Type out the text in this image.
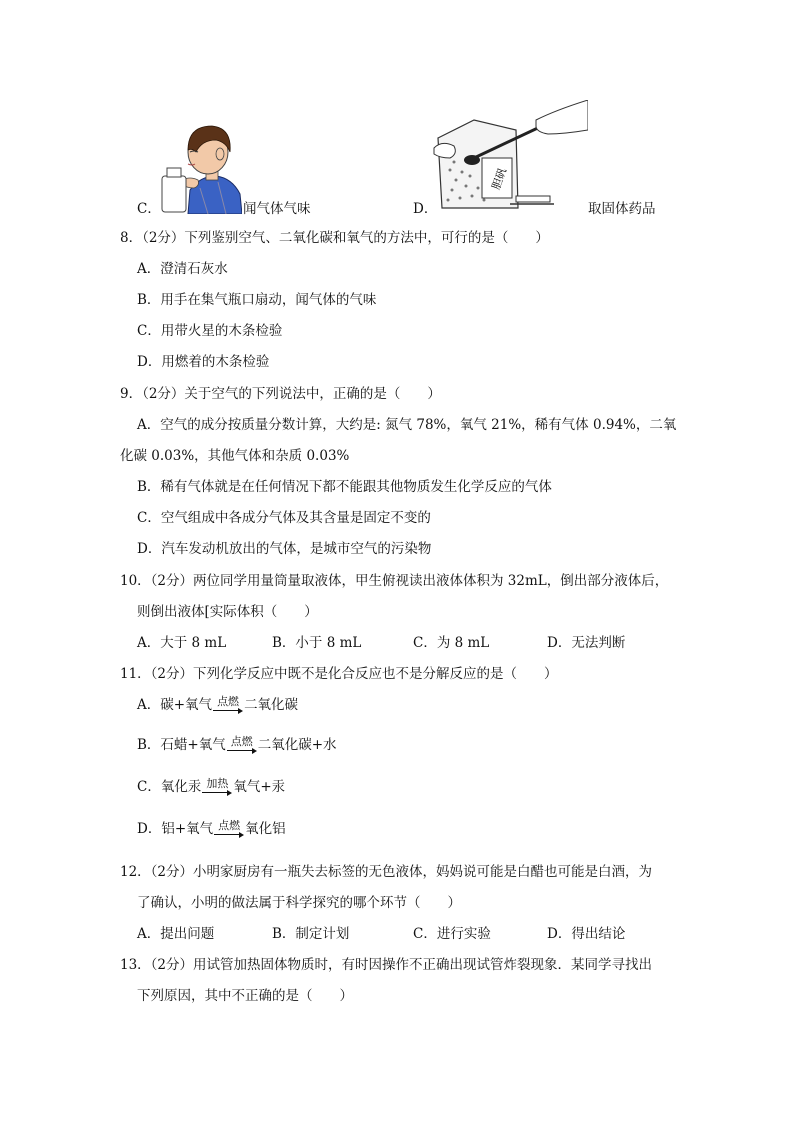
C．	闻气体气味
胆矾
D．	取固体药品
8．（2分）下列鉴别空气、二氧化碳和氧气的方法中，可行的是（　　）
A．澄清石灰水
B．用手在集气瓶口扇动，闻气体的气味
C．用带火星的木条检验
D．用燃着的木条检验
9．（2分）关于空气的下列说法中，正确的是（　　）
A．空气的成分按质量分数计算，大约是: 氮气 78%，氧气 21%，稀有气体 0.94%，二氧
化碳 0.03%，其他气体和杂质 0.03%
B．稀有气体就是在任何情况下都不能跟其他物质发生化学反应的气体
C．空气组成中各成分气体及其含量是固定不变的
D．汽车发动机放出的气体，是城市空气的污染物
10．（2分）两位同学用量筒量取液体，甲生俯视读出液体体积为 32mL，倒出部分液体后，
则倒出液体[实际体积（　　）
A．大于 8 mL	B．小于 8 mL	C．为 8 mL	D．无法判断
11．（2分）下列化学反应中既不是化合反应也不是分解反应的是（　　）
A．碳+氧气 点燃 二氧化碳
B．石蜡+氧气 点燃 二氧化碳+水
C．氧化汞 加热 氧气+汞
D．铝+氧气 点燃 氧化铝
12．（2分）小明家厨房有一瓶失去标签的无色液体，妈妈说可能是白醋也可能是白酒，为
了确认，小明的做法属于科学探究的哪个环节（　　）
A．提出问题	B．制定计划	C．进行实验	D．得出结论
13．（2分）用试管加热固体物质时，有时因操作不正确出现试管炸裂现象．某同学寻找出
下列原因，其中不正确的是（　　）
